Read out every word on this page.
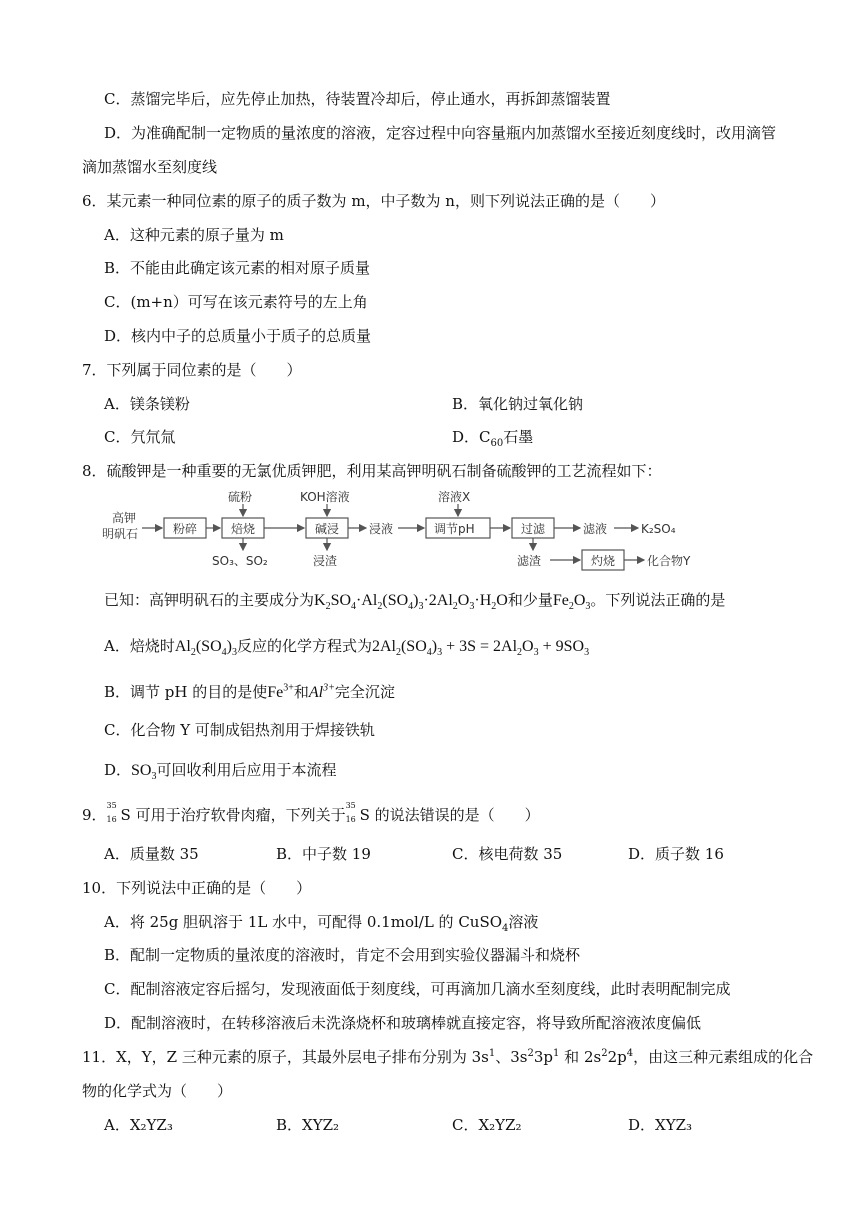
C．蒸馏完毕后，应先停止加热，待装置冷却后，停止通水，再拆卸蒸馏装置
D．为准确配制一定物质的量浓度的溶液，定容过程中向容量瓶内加蒸馏水至接近刻度线时，改用滴管
滴加蒸馏水至刻度线
6．某元素一种同位素的原子的质子数为 m，中子数为 n，则下列说法正确的是（　　）
A．这种元素的原子量为 m
B．不能由此确定该元素的相对原子质量
C．(m+n）可写在该元素符号的左上角
D．核内中子的总质量小于质子的总质量
7．下列属于同位素的是（　　）
A．镁条镁粉	B．氧化钠过氧化钠
C．氕氘氚	D．$C_{60}$石墨
8．硫酸钾是一种重要的无氯优质钾肥，利用某高钾明矾石制备硫酸钾的工艺流程如下：
高钾
明矾石	粉碎	焙烧
硫粉
SO₃、SO₂
碱浸
KOH溶液
浸渣
浸液	调节pH
溶液X
过滤	滤液	K₂SO₄
滤渣	灼烧	化合物Y
已知：高钾明矾石的主要成分为$K_2SO_4\cdot Al_2(SO_4)_3\cdot 2Al_2O_3\cdot H_2O$和少量$Fe_2O_3$。下列说法正确的是
A．焙烧时$Al_2(SO_4)_3$反应的化学方程式为$2Al_2(SO_4)_3 + 3S = 2Al_2O_3 + 9SO_3$
B．调节 pH 的目的是使$Fe^{3+}$和$Al^{3+}$完全沉淀
C．化合物 Y 可制成铝热剂用于焊接铁轨
D．$SO_3$可回收利用后应用于本流程
9．
35
16 S 可用于治疗软骨肉瘤，下列关于
35
16 S 的说法错误的是（　　）
A．质量数 35	B．中子数 19	C．核电荷数 35	D．质子数 16
10．下列说法中正确的是（　　）
A．将 25g 胆矾溶于 1L 水中，可配得 0.1mol/L 的 CuSO$_4$溶液
B．配制一定物质的量浓度的溶液时，肯定不会用到实验仪器漏斗和烧杯
C．配制溶液定容后摇匀，发现液面低于刻度线，可再滴加几滴水至刻度线，此时表明配制完成
D．配制溶液时，在转移溶液后未洗涤烧杯和玻璃棒就直接定容，将导致所配溶液浓度偏低
11．X，Y，Z 三种元素的原子，其最外层电子排布分别为 $3s^1$、$3s^23p^1$ 和 $2s^22p^4$，由这三种元素组成的化合
物的化学式为（　　）
A．X₂YZ₃	B．XYZ₂	C．X₂YZ₂	D．XYZ₃
